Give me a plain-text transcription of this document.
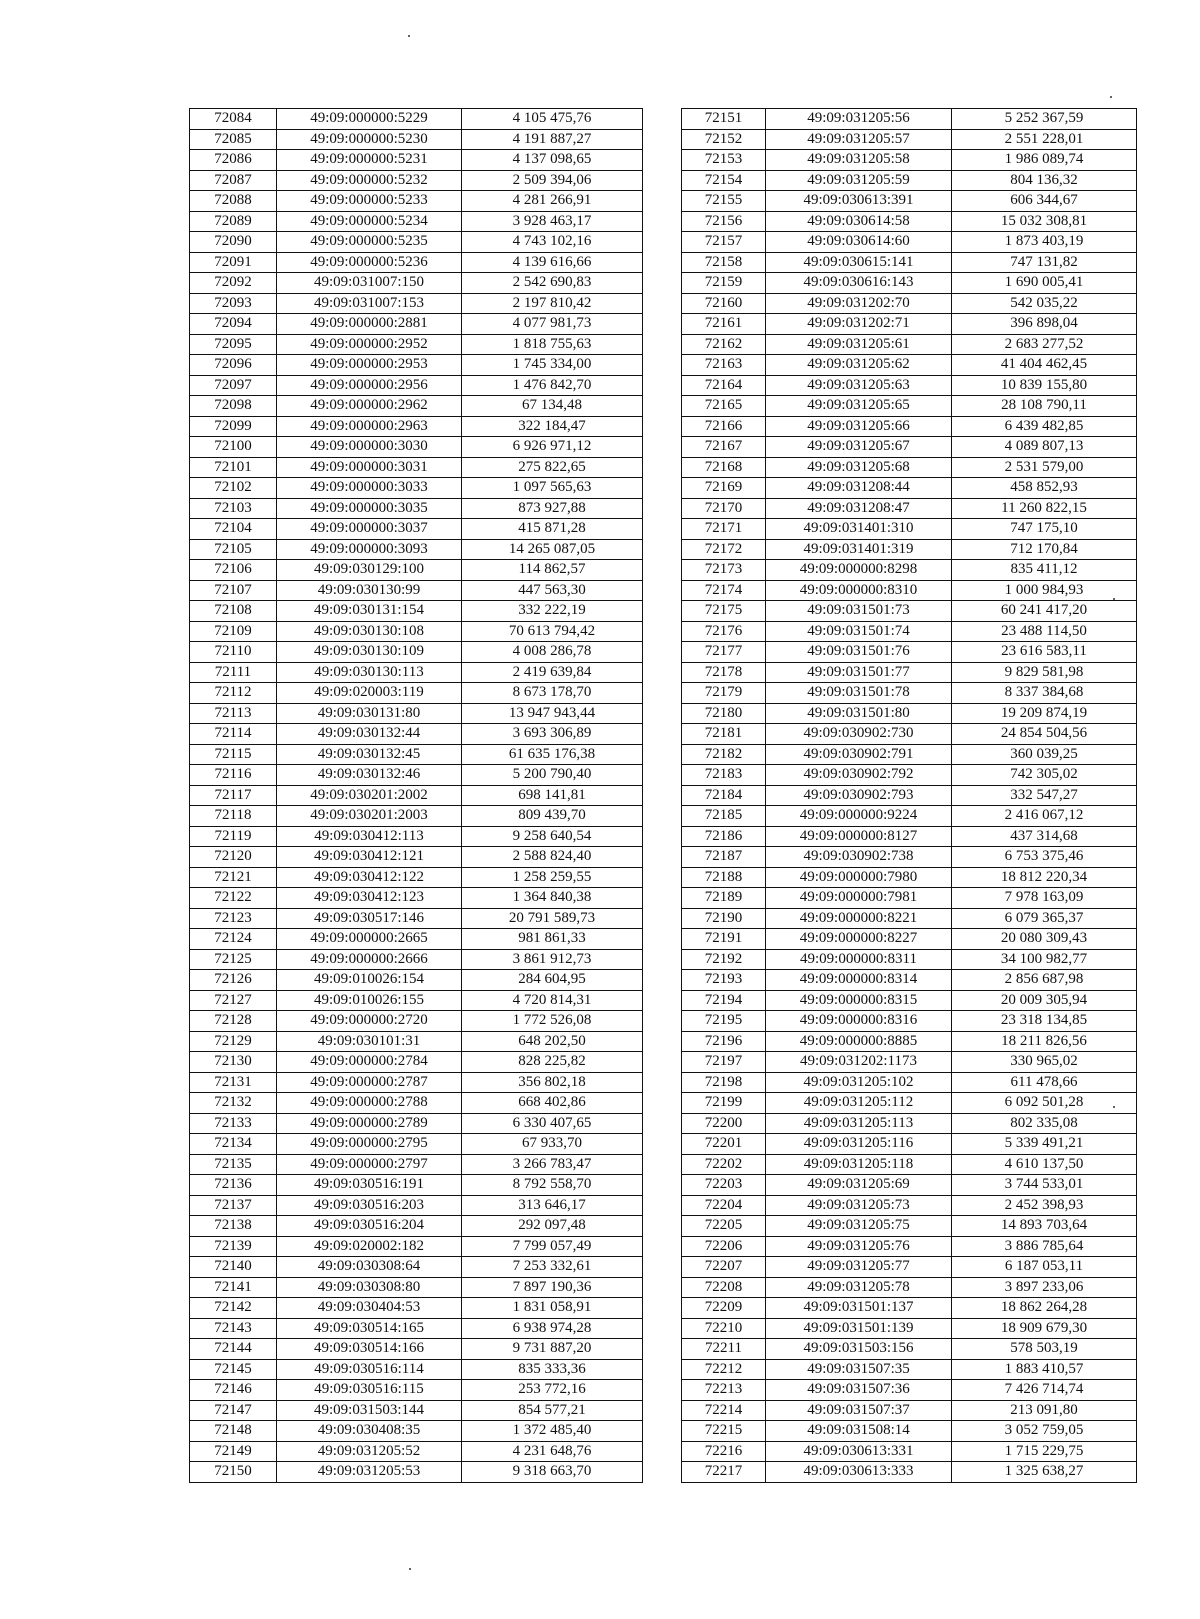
72084	49:09:000000:5229	4 105 475,76
72085	49:09:000000:5230	4 191 887,27
72086	49:09:000000:5231	4 137 098,65
72087	49:09:000000:5232	2 509 394,06
72088	49:09:000000:5233	4 281 266,91
72089	49:09:000000:5234	3 928 463,17
72090	49:09:000000:5235	4 743 102,16
72091	49:09:000000:5236	4 139 616,66
72092	49:09:031007:150	2 542 690,83
72093	49:09:031007:153	2 197 810,42
72094	49:09:000000:2881	4 077 981,73
72095	49:09:000000:2952	1 818 755,63
72096	49:09:000000:2953	1 745 334,00
72097	49:09:000000:2956	1 476 842,70
72098	49:09:000000:2962	67 134,48
72099	49:09:000000:2963	322 184,47
72100	49:09:000000:3030	6 926 971,12
72101	49:09:000000:3031	275 822,65
72102	49:09:000000:3033	1 097 565,63
72103	49:09:000000:3035	873 927,88
72104	49:09:000000:3037	415 871,28
72105	49:09:000000:3093	14 265 087,05
72106	49:09:030129:100	114 862,57
72107	49:09:030130:99	447 563,30
72108	49:09:030131:154	332 222,19
72109	49:09:030130:108	70 613 794,42
72110	49:09:030130:109	4 008 286,78
72111	49:09:030130:113	2 419 639,84
72112	49:09:020003:119	8 673 178,70
72113	49:09:030131:80	13 947 943,44
72114	49:09:030132:44	3 693 306,89
72115	49:09:030132:45	61 635 176,38
72116	49:09:030132:46	5 200 790,40
72117	49:09:030201:2002	698 141,81
72118	49:09:030201:2003	809 439,70
72119	49:09:030412:113	9 258 640,54
72120	49:09:030412:121	2 588 824,40
72121	49:09:030412:122	1 258 259,55
72122	49:09:030412:123	1 364 840,38
72123	49:09:030517:146	20 791 589,73
72124	49:09:000000:2665	981 861,33
72125	49:09:000000:2666	3 861 912,73
72126	49:09:010026:154	284 604,95
72127	49:09:010026:155	4 720 814,31
72128	49:09:000000:2720	1 772 526,08
72129	49:09:030101:31	648 202,50
72130	49:09:000000:2784	828 225,82
72131	49:09:000000:2787	356 802,18
72132	49:09:000000:2788	668 402,86
72133	49:09:000000:2789	6 330 407,65
72134	49:09:000000:2795	67 933,70
72135	49:09:000000:2797	3 266 783,47
72136	49:09:030516:191	8 792 558,70
72137	49:09:030516:203	313 646,17
72138	49:09:030516:204	292 097,48
72139	49:09:020002:182	7 799 057,49
72140	49:09:030308:64	7 253 332,61
72141	49:09:030308:80	7 897 190,36
72142	49:09:030404:53	1 831 058,91
72143	49:09:030514:165	6 938 974,28
72144	49:09:030514:166	9 731 887,20
72145	49:09:030516:114	835 333,36
72146	49:09:030516:115	253 772,16
72147	49:09:031503:144	854 577,21
72148	49:09:030408:35	1 372 485,40
72149	49:09:031205:52	4 231 648,76
72150	49:09:031205:53	9 318 663,70
72151	49:09:031205:56	5 252 367,59
72152	49:09:031205:57	2 551 228,01
72153	49:09:031205:58	1 986 089,74
72154	49:09:031205:59	804 136,32
72155	49:09:030613:391	606 344,67
72156	49:09:030614:58	15 032 308,81
72157	49:09:030614:60	1 873 403,19
72158	49:09:030615:141	747 131,82
72159	49:09:030616:143	1 690 005,41
72160	49:09:031202:70	542 035,22
72161	49:09:031202:71	396 898,04
72162	49:09:031205:61	2 683 277,52
72163	49:09:031205:62	41 404 462,45
72164	49:09:031205:63	10 839 155,80
72165	49:09:031205:65	28 108 790,11
72166	49:09:031205:66	6 439 482,85
72167	49:09:031205:67	4 089 807,13
72168	49:09:031205:68	2 531 579,00
72169	49:09:031208:44	458 852,93
72170	49:09:031208:47	11 260 822,15
72171	49:09:031401:310	747 175,10
72172	49:09:031401:319	712 170,84
72173	49:09:000000:8298	835 411,12
72174	49:09:000000:8310	1 000 984,93
72175	49:09:031501:73	60 241 417,20
72176	49:09:031501:74	23 488 114,50
72177	49:09:031501:76	23 616 583,11
72178	49:09:031501:77	9 829 581,98
72179	49:09:031501:78	8 337 384,68
72180	49:09:031501:80	19 209 874,19
72181	49:09:030902:730	24 854 504,56
72182	49:09:030902:791	360 039,25
72183	49:09:030902:792	742 305,02
72184	49:09:030902:793	332 547,27
72185	49:09:000000:9224	2 416 067,12
72186	49:09:000000:8127	437 314,68
72187	49:09:030902:738	6 753 375,46
72188	49:09:000000:7980	18 812 220,34
72189	49:09:000000:7981	7 978 163,09
72190	49:09:000000:8221	6 079 365,37
72191	49:09:000000:8227	20 080 309,43
72192	49:09:000000:8311	34 100 982,77
72193	49:09:000000:8314	2 856 687,98
72194	49:09:000000:8315	20 009 305,94
72195	49:09:000000:8316	23 318 134,85
72196	49:09:000000:8885	18 211 826,56
72197	49:09:031202:1173	330 965,02
72198	49:09:031205:102	611 478,66
72199	49:09:031205:112	6 092 501,28
72200	49:09:031205:113	802 335,08
72201	49:09:031205:116	5 339 491,21
72202	49:09:031205:118	4 610 137,50
72203	49:09:031205:69	3 744 533,01
72204	49:09:031205:73	2 452 398,93
72205	49:09:031205:75	14 893 703,64
72206	49:09:031205:76	3 886 785,64
72207	49:09:031205:77	6 187 053,11
72208	49:09:031205:78	3 897 233,06
72209	49:09:031501:137	18 862 264,28
72210	49:09:031501:139	18 909 679,30
72211	49:09:031503:156	578 503,19
72212	49:09:031507:35	1 883 410,57
72213	49:09:031507:36	7 426 714,74
72214	49:09:031507:37	213 091,80
72215	49:09:031508:14	3 052 759,05
72216	49:09:030613:331	1 715 229,75
72217	49:09:030613:333	1 325 638,27
